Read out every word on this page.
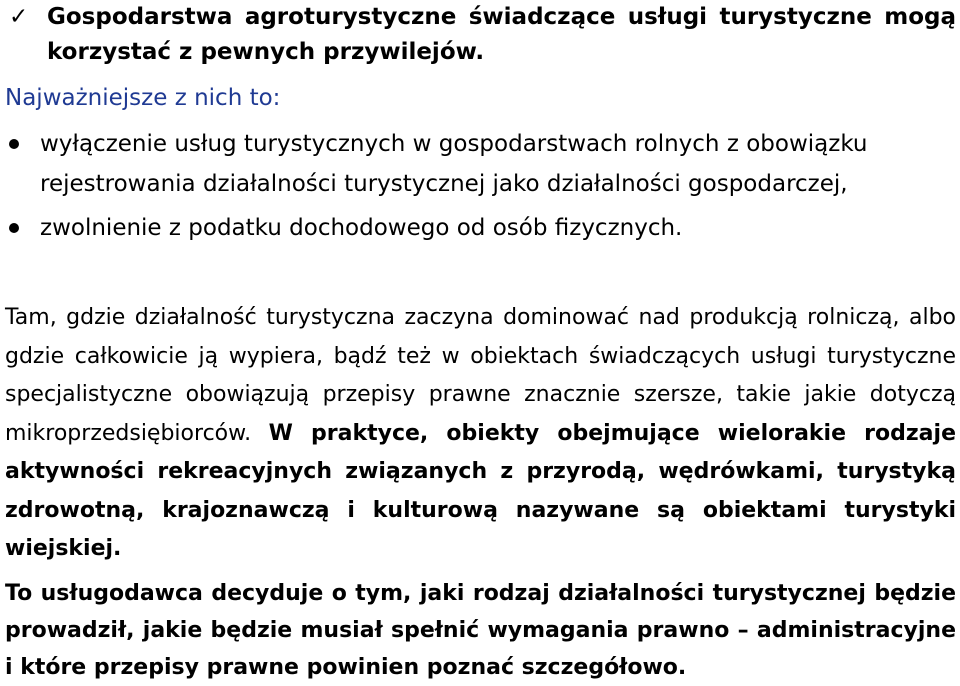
✓ Gospodarstwa agroturystyczne świadczące usługi turystyczne mogą korzystać z pewnych przywilejów.
Najważniejsze z nich to:
wyłączenie usług turystycznych w gospodarstwach rolnych z obowiązku rejestrowania działalności turystycznej jako działalności gospodarczej,
zwolnienie z podatku dochodowego od osób fizycznych.
Tam, gdzie działalność turystyczna zaczyna dominować nad produkcją rolniczą, albo gdzie całkowicie ją wypiera, bądź też w obiektach świadczących usługi turystyczne specjalistyczne obowiązują przepisy prawne znacznie szersze, takie jakie dotyczą mikroprzedsiębiorców. W praktyce, obiekty obejmujące wielorakie rodzaje aktywności rekreacyjnych związanych z przyrodą, wędrówkami, turystyką zdrowotną, krajoznawczą i kulturową nazywane są obiektami turystyki wiejskiej.
To usługodawca decyduje o tym, jaki rodzaj działalności turystycznej będzie prowadził, jakie będzie musiał spełnić wymagania prawno – administracyjne i które przepisy prawne powinien poznać szczegółowo.
